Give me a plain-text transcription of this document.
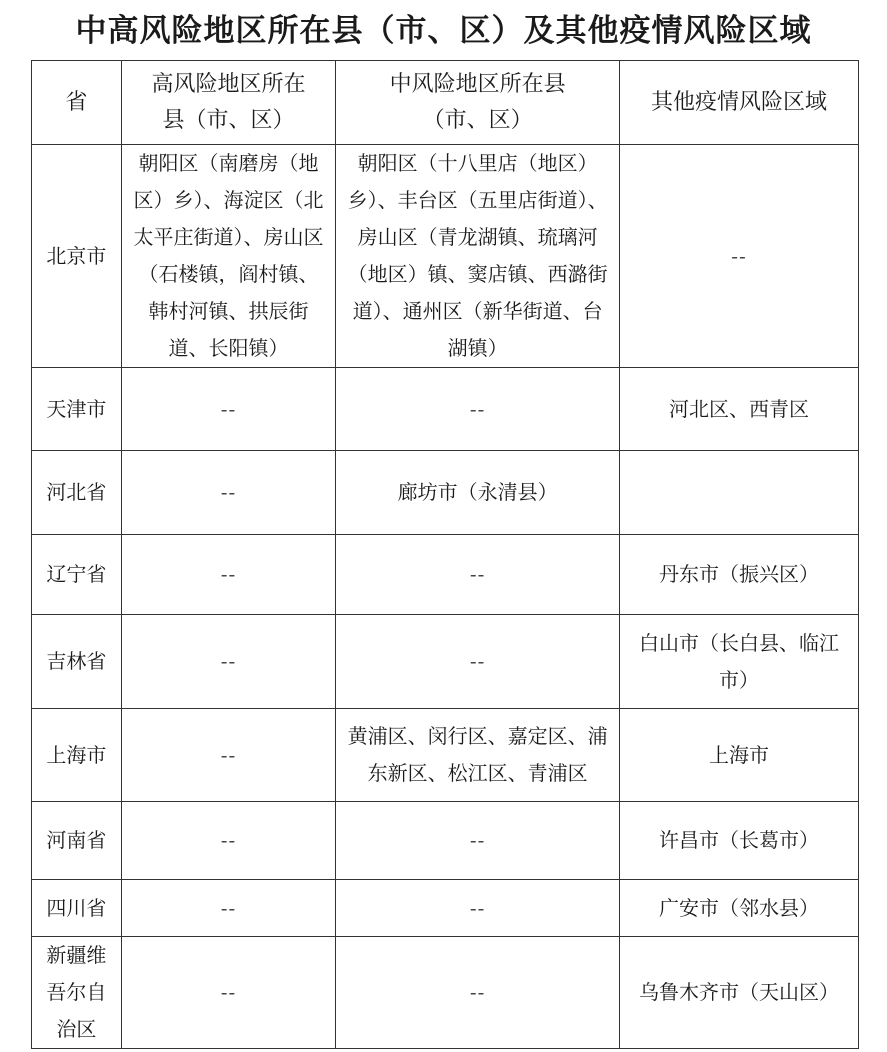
中高风险地区所在县（市、区）及其他疫情风险区域
省	高风险地区所在县（市、区）	中风险地区所在县（市、区）	其他疫情风险区域
北京市	朝阳区（南磨房（地区）乡）、海淀区（北太平庄街道）、房山区（石楼镇，阎村镇、韩村河镇、拱辰街道、长阳镇）	朝阳区（十八里店（地区）乡）、丰台区（五里店街道）、房山区（青龙湖镇、琉璃河（地区）镇、窦店镇、西潞街道）、通州区（新华街道、台湖镇）	--
天津市	--	--	河北区、西青区
河北省	--	廊坊市（永清县）	
辽宁省	--	--	丹东市（振兴区）
吉林省	--	--	白山市（长白县、临江市）
上海市	--	黄浦区、闵行区、嘉定区、浦东新区、松江区、青浦区	上海市
河南省	--	--	许昌市（长葛市）
四川省	--	--	广安市（邻水县）
新疆维吾尔自治区	--	--	乌鲁木齐市（天山区）
